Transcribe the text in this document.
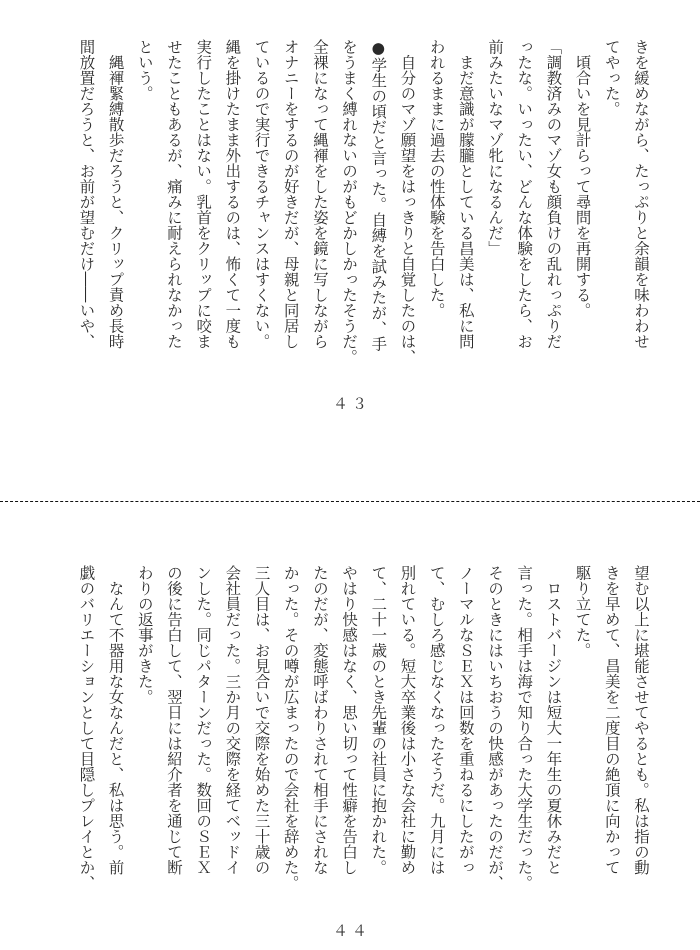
きを緩めながら、たっぷりと余韻を味わわせ
てやった。
　頃合いを見計らって尋問を再開する。
「調教済みのマゾ女も顔負けの乱れっぷりだ
ったな。いったい、どんな体験をしたら、お
前みたいなマゾ牝になるんだ」
　まだ意識が朦朧としている昌美は、私に問
われるままに過去の性体験を告白した。
　自分のマゾ願望をはっきりと自覚したのは、
●学生の頃だと言った。自縛を試みたが、手
をうまく縛れないのがもどかしかったそうだ。
全裸になって縄褌をした姿を鏡に写しながら
オナニーをするのが好きだが、母親と同居し
ているので実行できるチャンスはすくない。
縄を掛けたまま外出するのは、怖くて一度も
実行したことはない。乳首をクリップに咬ま
せたこともあるが、痛みに耐えられなかった
という。
　縄褌緊縛散歩だろうと、クリップ責め長時
間放置だろうと、お前が望むだけ――いや、
４３
望む以上に堪能させてやるとも。私は指の動
きを早めて、昌美を二度目の絶頂に向かって
駆り立てた。
　ロストバージンは短大一年生の夏休みだと
言った。相手は海で知り合った大学生だった。
そのときにはいちおうの快感があったのだが、
ノーマルなＳＥＸは回数を重ねるにしたがっ
て、むしろ感じなくなったそうだ。九月には
別れている。短大卒業後は小さな会社に勤め
て、二十一歳のとき先輩の社員に抱かれた。
やはり快感はなく、思い切って性癖を告白し
たのだが、変態呼ばわりされて相手にされな
かった。その噂が広まったので会社を辞めた。
三人目は、お見合いで交際を始めた三十歳の
会社員だった。三か月の交際を経てベッドイ
ンした。同じパターンだった。数回のＳＥＸ
の後に告白して、翌日には紹介者を通じて断
わりの返事がきた。
　なんて不器用な女なんだと、私は思う。前
戯のバリエーションとして目隠しプレイとか、
４４
